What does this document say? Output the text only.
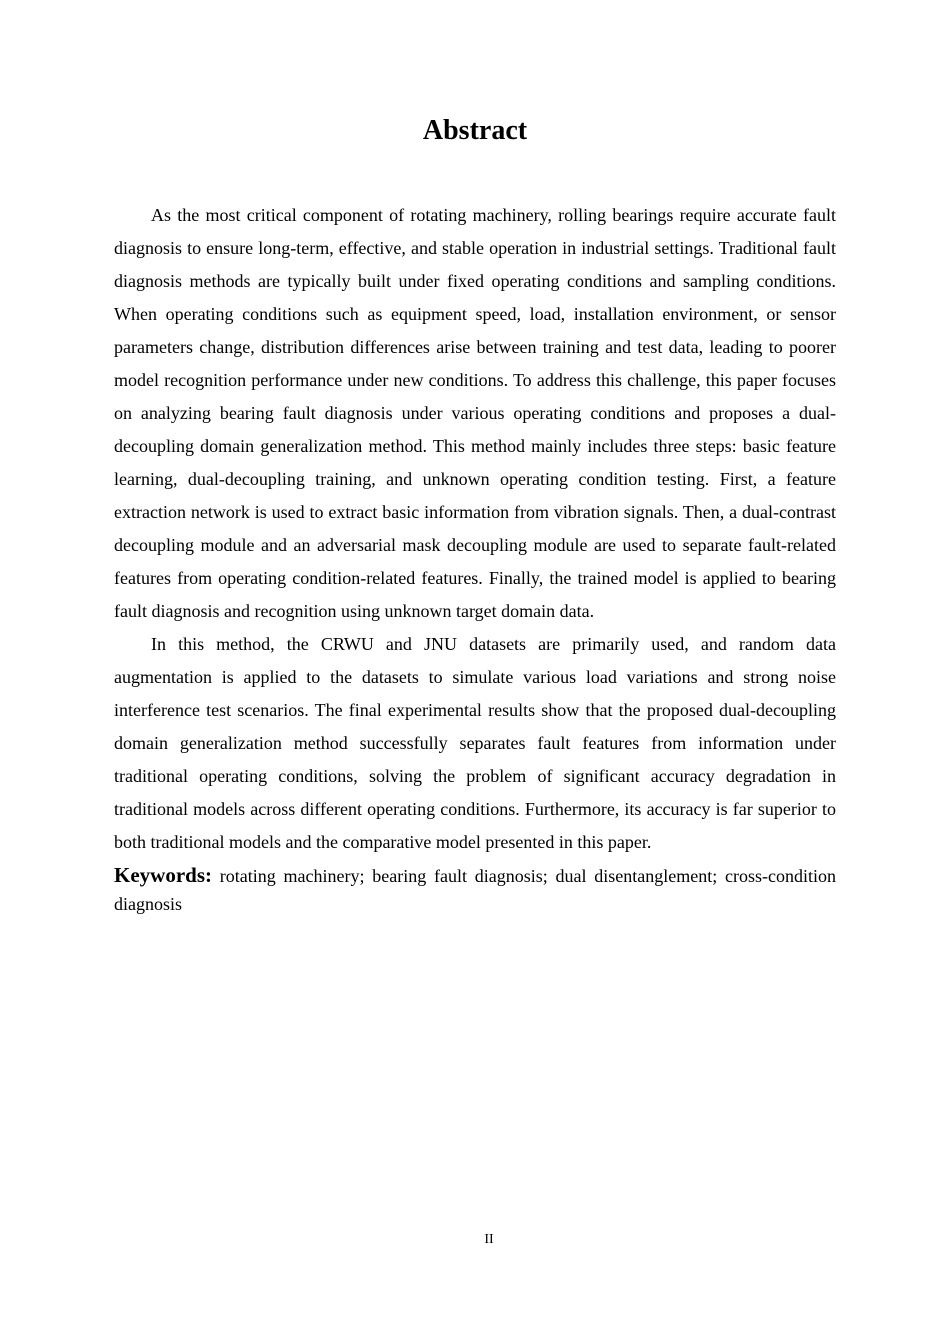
Abstract

As the most critical component of rotating machinery, rolling bearings require accurate fault diagnosis to ensure long-term, effective, and stable operation in industrial settings. Traditional fault diagnosis methods are typically built under fixed operating conditions and sampling conditions. When operating conditions such as equipment speed, load, installation environment, or sensor parameters change, distribution differences arise between training and test data, leading to poorer model recognition performance under new conditions. To address this challenge, this paper focuses on analyzing bearing fault diagnosis under various operating conditions and proposes a dual-decoupling domain generalization method. This method mainly includes three steps: basic feature learning, dual-decoupling training, and unknown operating condition testing. First, a feature extraction network is used to extract basic information from vibration signals. Then, a dual-contrast decoupling module and an adversarial mask decoupling module are used to separate fault-related features from operating condition-related features. Finally, the trained model is applied to bearing fault diagnosis and recognition using unknown target domain data.

In this method, the CRWU and JNU datasets are primarily used, and random data augmentation is applied to the datasets to simulate various load variations and strong noise interference test scenarios. The final experimental results show that the proposed dual-decoupling domain generalization method successfully separates fault features from information under traditional operating conditions, solving the problem of significant accuracy degradation in traditional models across different operating conditions. Furthermore, its accuracy is far superior to both traditional models and the comparative model presented in this paper.

Keywords: rotating machinery; bearing fault diagnosis; dual disentanglement; cross-condition diagnosis

II
